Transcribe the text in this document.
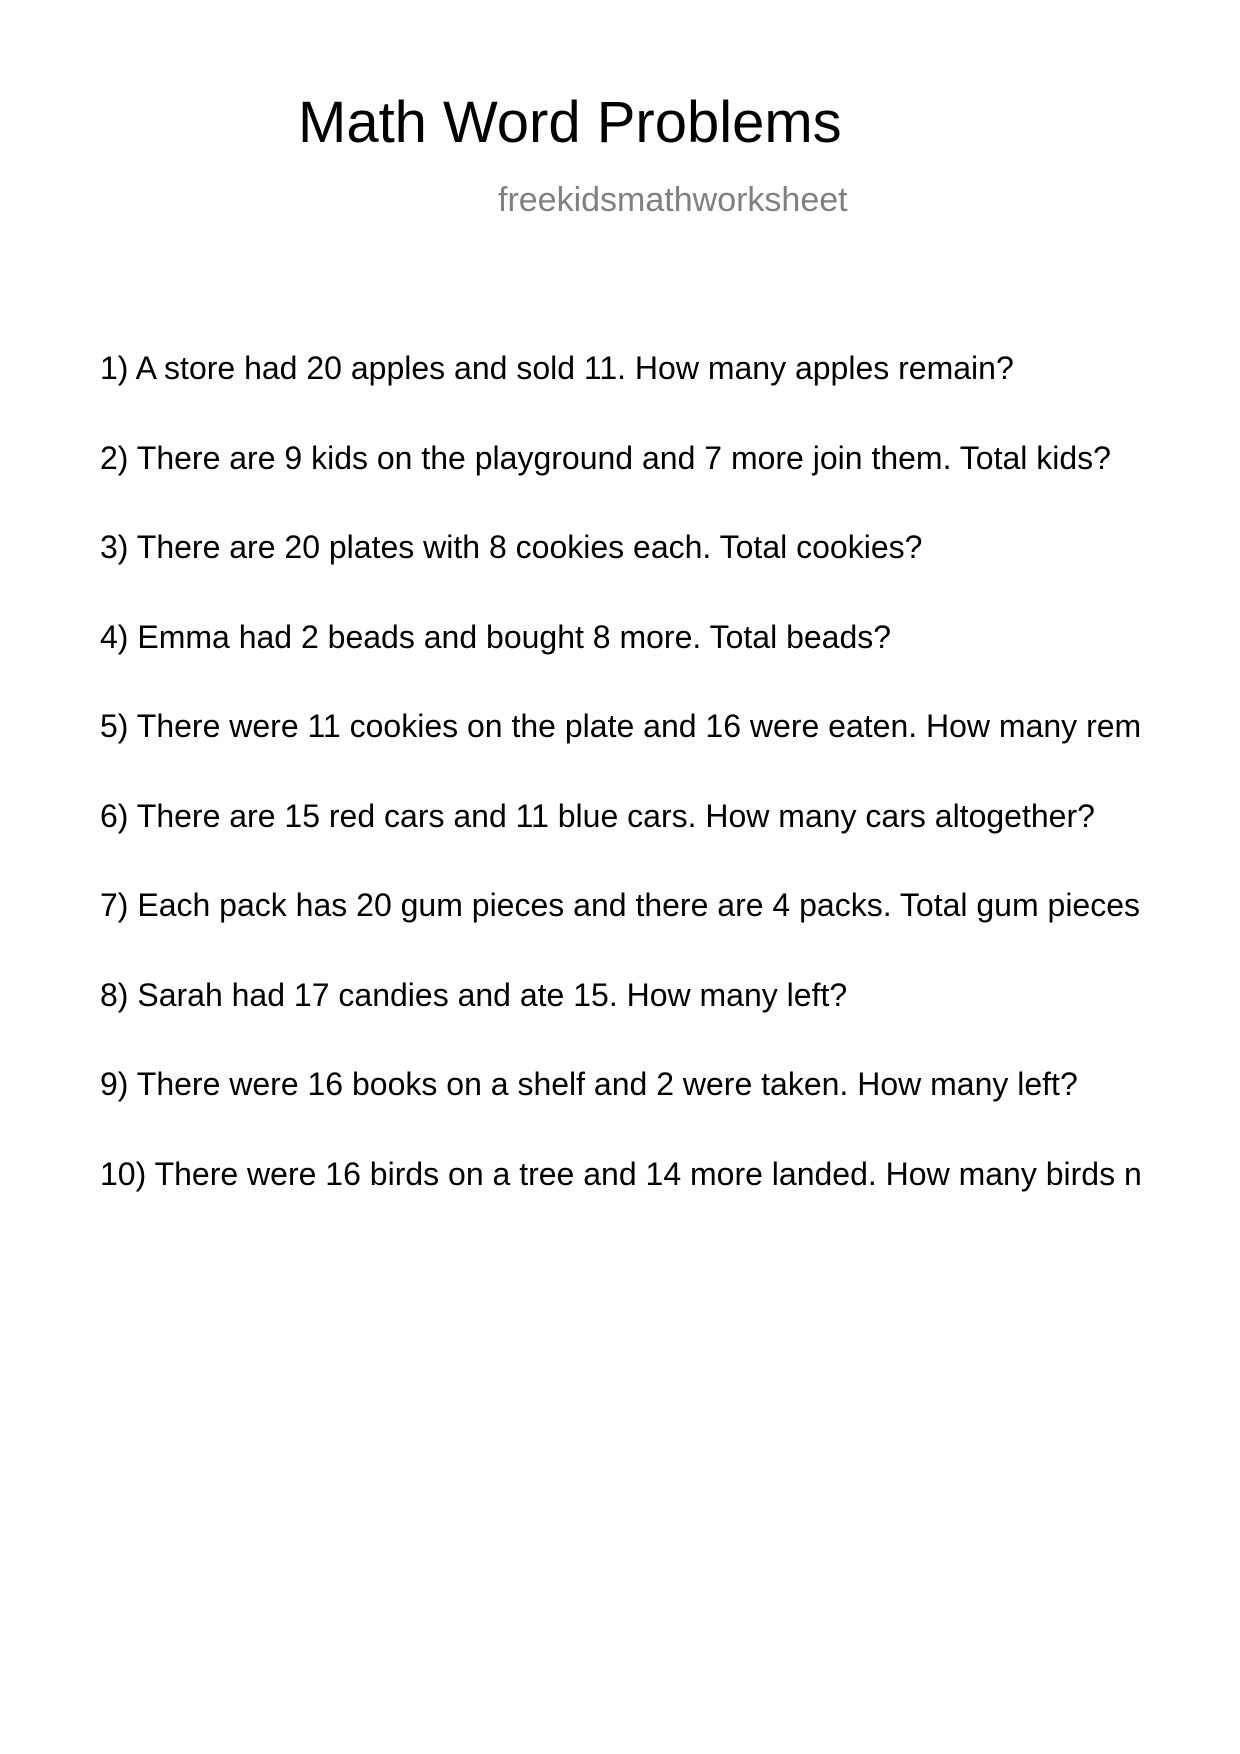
Math Word Problems
freekidsmathworksheet
1) A store had 20 apples and sold 11. How many apples remain?
2) There are 9 kids on the playground and 7 more join them. Total kids?
3) There are 20 plates with 8 cookies each. Total cookies?
4) Emma had 2 beads and bought 8 more. Total beads?
5) There were 11 cookies on the plate and 16 were eaten. How many rem
6) There are 15 red cars and 11 blue cars. How many cars altogether?
7) Each pack has 20 gum pieces and there are 4 packs. Total gum pieces
8) Sarah had 17 candies and ate 15. How many left?
9) There were 16 books on a shelf and 2 were taken. How many left?
10) There were 16 birds on a tree and 14 more landed. How many birds n
